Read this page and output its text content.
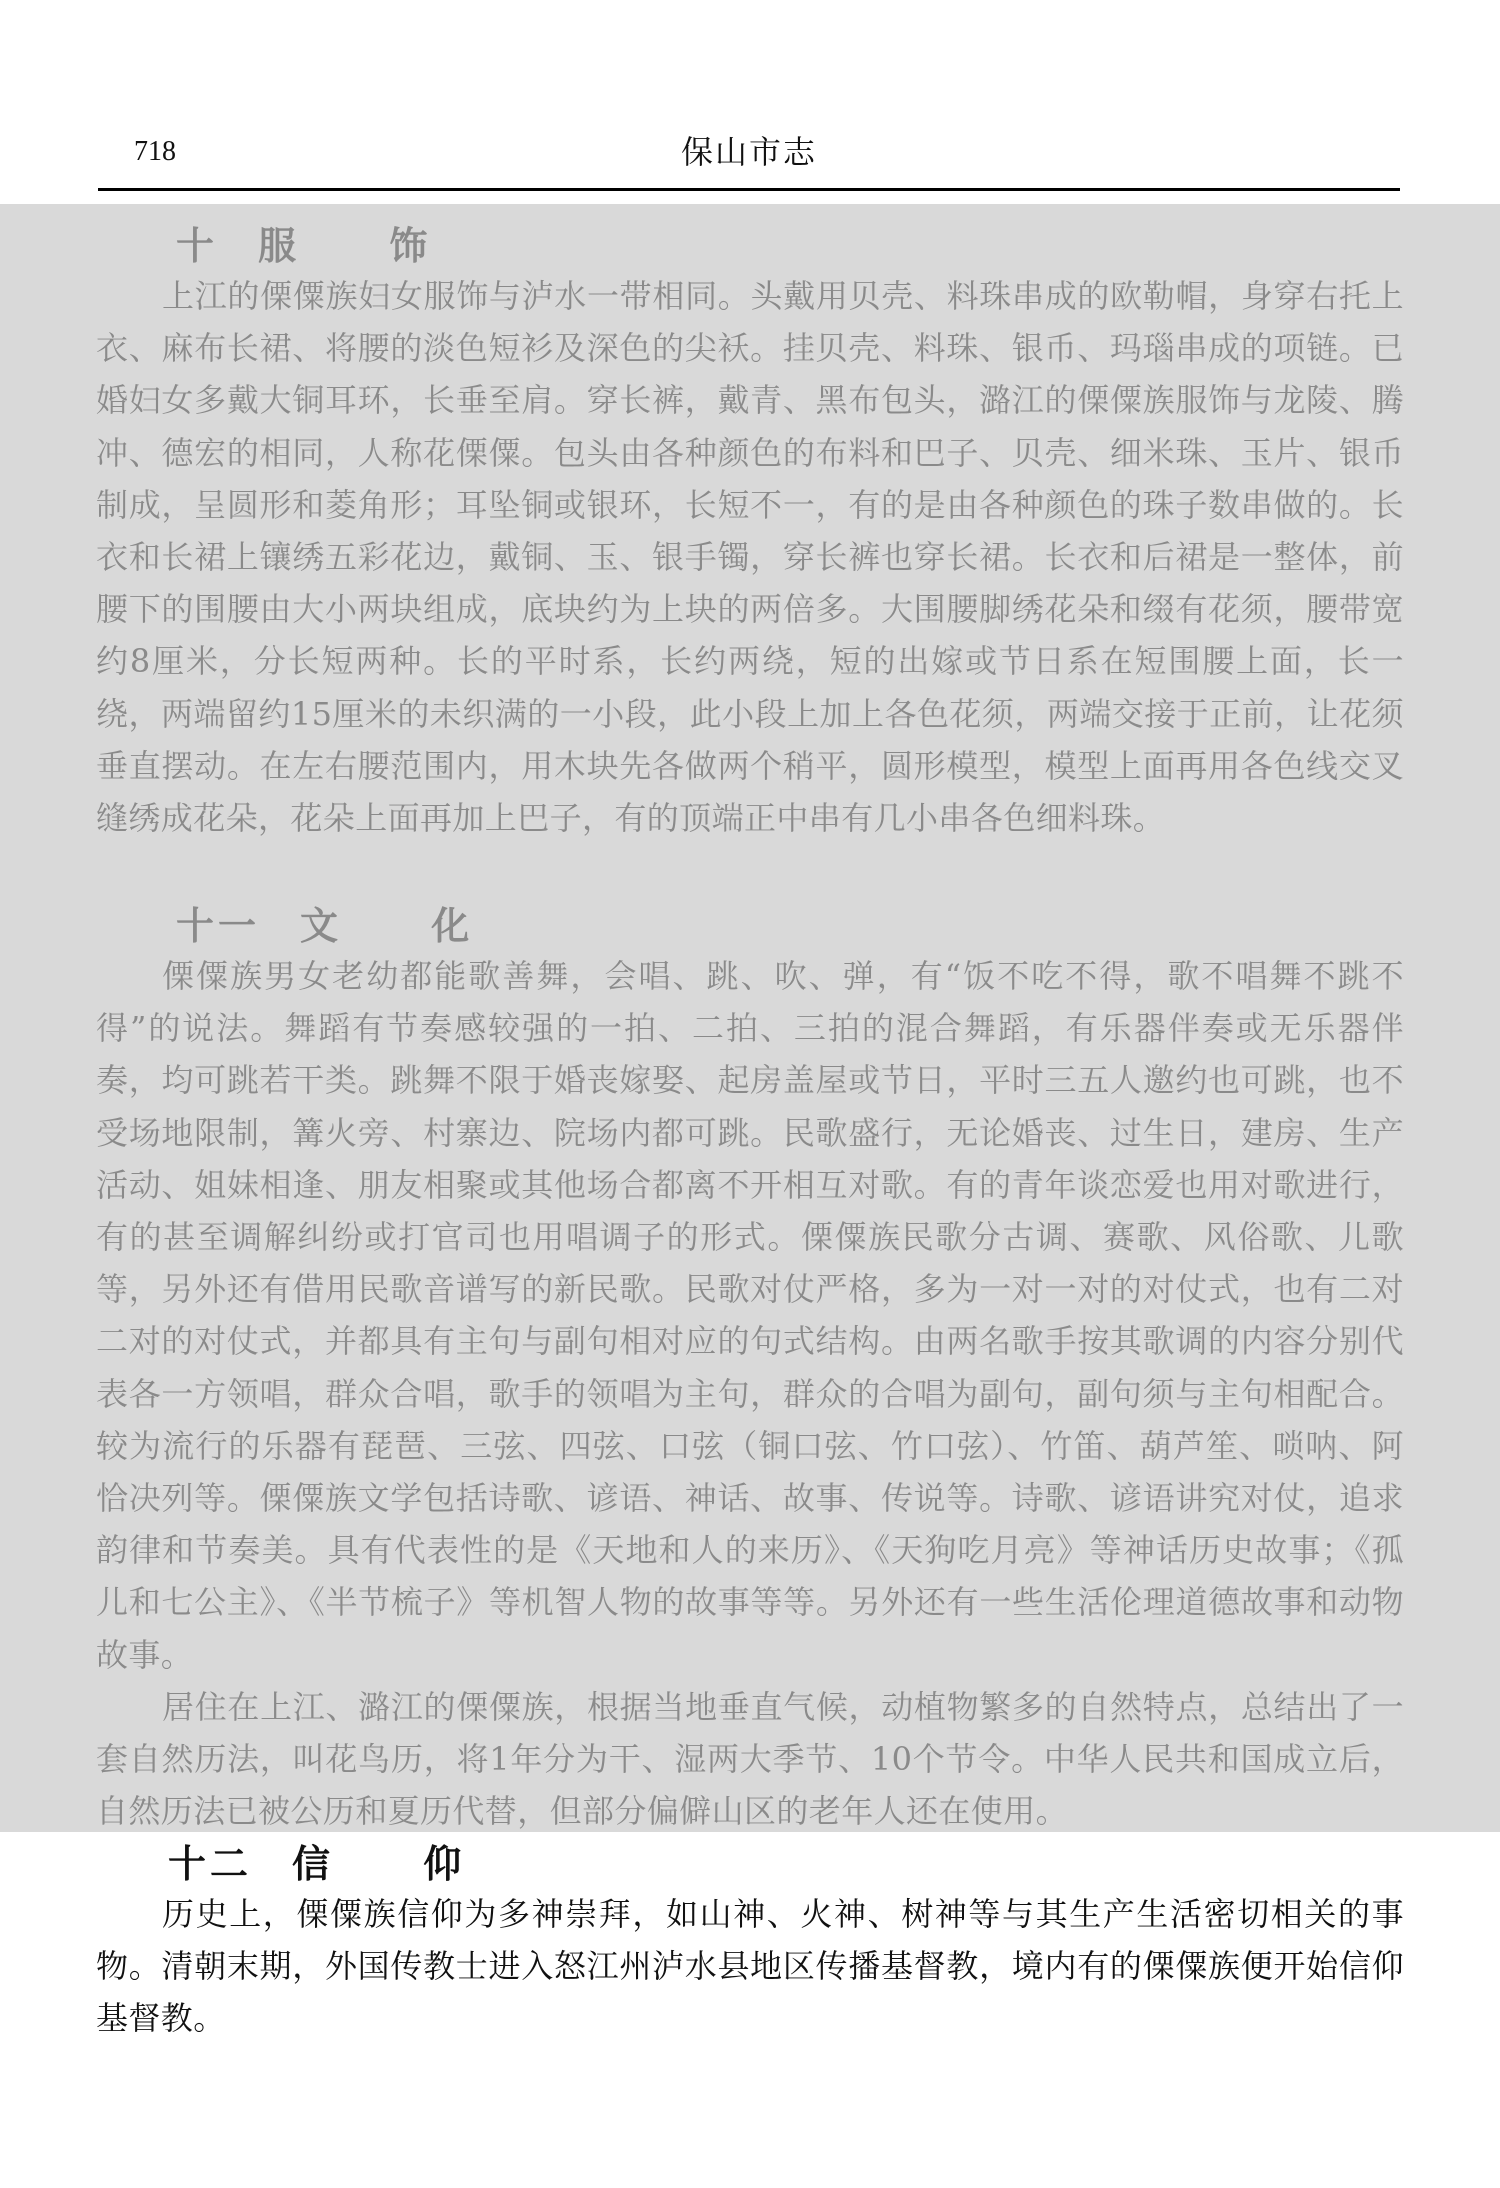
718	保山市志
十 服 饰

上江的傈僳族妇女服饰与泸水一带相同。头戴用贝壳、料珠串成的欧勒帽，身穿右托上衣、麻布长裙、将腰的淡色短衫及深色的尖袄。挂贝壳、料珠、银币、玛瑙串成的项链。已婚妇女多戴大铜耳环，长垂至肩。穿长裤，戴青、黑布包头，潞江的傈僳族服饰与龙陵、腾冲、德宏的相同，人称花傈僳。包头由各种颜色的布料和巴子、贝壳、细米珠、玉片、银币制成，呈圆形和菱角形；耳坠铜或银环，长短不一，有的是由各种颜色的珠子数串做的。长衣和长裙上镶绣五彩花边，戴铜、玉、银手镯，穿长裤也穿长裙。长衣和后裙是一整体，前腰下的围腰由大小两块组成，底块约为上块的两倍多。大围腰脚绣花朵和缀有花须，腰带宽约8厘米，分长短两种。长的平时系，长约两绕，短的出嫁或节日系在短围腰上面，长一绕，两端留约15厘米的未织满的一小段，此小段上加上各色花须，两端交接于正前，让花须垂直摆动。在左右腰范围内，用木块先各做两个稍平，圆形模型，模型上面再用各色线交叉缝绣成花朵，花朵上面再加上巴子，有的顶端正中串有几小串各色细料珠。

十一 文 化

傈僳族男女老幼都能歌善舞，会唱、跳、吹、弹，有“饭不吃不得，歌不唱舞不跳不得”的说法。舞蹈有节奏感较强的一拍、二拍、三拍的混合舞蹈，有乐器伴奏或无乐器伴奏，均可跳若干类。跳舞不限于婚丧嫁娶、起房盖屋或节日，平时三五人邀约也可跳，也不受场地限制，篝火旁、村寨边、院场内都可跳。民歌盛行，无论婚丧、过生日，建房、生产活动、姐妹相逢、朋友相聚或其他场合都离不开相互对歌。有的青年谈恋爱也用对歌进行，有的甚至调解纠纷或打官司也用唱调子的形式。傈僳族民歌分古调、赛歌、风俗歌、儿歌等，另外还有借用民歌音谱写的新民歌。民歌对仗严格，多为一对一对的对仗式，也有二对二对的对仗式，并都具有主句与副句相对应的句式结构。由两名歌手按其歌调的内容分别代表各一方领唱，群众合唱，歌手的领唱为主句，群众的合唱为副句，副句须与主句相配合。较为流行的乐器有琵琶、三弦、四弦、口弦（铜口弦、竹口弦）、竹笛、葫芦笙、唢呐、阿恰决列等。傈僳族文学包括诗歌、谚语、神话、故事、传说等。诗歌、谚语讲究对仗，追求韵律和节奏美。具有代表性的是《天地和人的来历》、《天狗吃月亮》等神话历史故事；《孤儿和七公主》、《半节梳子》等机智人物的故事等等。另外还有一些生活伦理道德故事和动物故事。

居住在上江、潞江的傈僳族，根据当地垂直气候，动植物繁多的自然特点，总结出了一套自然历法，叫花鸟历，将1年分为干、湿两大季节、10个节令。中华人民共和国成立后，自然历法已被公历和夏历代替，但部分偏僻山区的老年人还在使用。

十二 信 仰

历史上，傈僳族信仰为多神崇拜，如山神、火神、树神等与其生产生活密切相关的事物。清朝末期，外国传教士进入怒江州泸水县地区传播基督教，境内有的傈僳族便开始信仰基督教。
